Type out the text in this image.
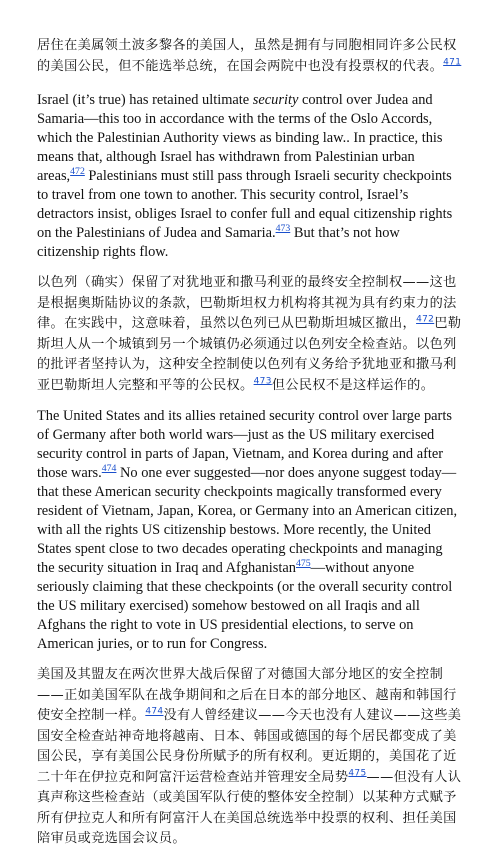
居住在美属领土波多黎各的美国人，虽然是拥有与同胞相同许多公民权的美国公民，但不能选举总统，在国会两院中也没有投票权的代表。$^{471}$

Israel (it’s true) has retained ultimate security control over Judea and Samaria—this too in accordance with the terms of the Oslo Accords, which the Palestinian Authority views as binding law.. In practice, this means that, although Israel has withdrawn from Palestinian urban areas,$^{472}$ Palestinians must still pass through Israeli security checkpoints to travel from one town to another. This security control, Israel’s detractors insist, obliges Israel to confer full and equal citizenship rights on the Palestinians of Judea and Samaria.$^{473}$ But that’s not how citizenship rights flow.

以色列（确实）保留了对犹地亚和撒马利亚的最终安全控制权——这也是根据奥斯陆协议的条款，巴勒斯坦权力机构将其视为具有约束力的法律。在实践中，这意味着，虽然以色列已从巴勒斯坦城区撤出，$^{472}$巴勒斯坦人从一个城镇到另一个城镇仍必须通过以色列安全检查站。以色列的批评者坚持认为，这种安全控制使以色列有义务给予犹地亚和撒马利亚巴勒斯坦人完整和平等的公民权。$^{473}$但公民权不是这样运作的。

The United States and its allies retained security control over large parts of Germany after both world wars—just as the US military exercised security control in parts of Japan, Vietnam, and Korea during and after those wars.$^{474}$ No one ever suggested—nor does anyone suggest today—that these American security checkpoints magically transformed every resident of Vietnam, Japan, Korea, or Germany into an American citizen, with all the rights US citizenship bestows. More recently, the United States spent close to two decades operating checkpoints and managing the security situation in Iraq and Afghanistan$^{475}$—without anyone seriously claiming that these checkpoints (or the overall security control the US military exercised) somehow bestowed on all Iraqis and all Afghans the right to vote in US presidential elections, to serve on American juries, or to run for Congress.

美国及其盟友在两次世界大战后保留了对德国大部分地区的安全控制——正如美国军队在战争期间和之后在日本的部分地区、越南和韩国行使安全控制一样。$^{474}$没有人曾经建议——今天也没有人建议——这些美国安全检查站神奇地将越南、日本、韩国或德国的每个居民都变成了美国公民，享有美国公民身份所赋予的所有权利。更近期的，美国花了近二十年在伊拉克和阿富汗运营检查站并管理安全局势$^{475}$——但没有人认真声称这些检查站（或美国军队行使的整体安全控制）以某种方式赋予所有伊拉克人和所有阿富汗人在美国总统选举中投票的权利、担任美国陪审员或竞选国会议员。
